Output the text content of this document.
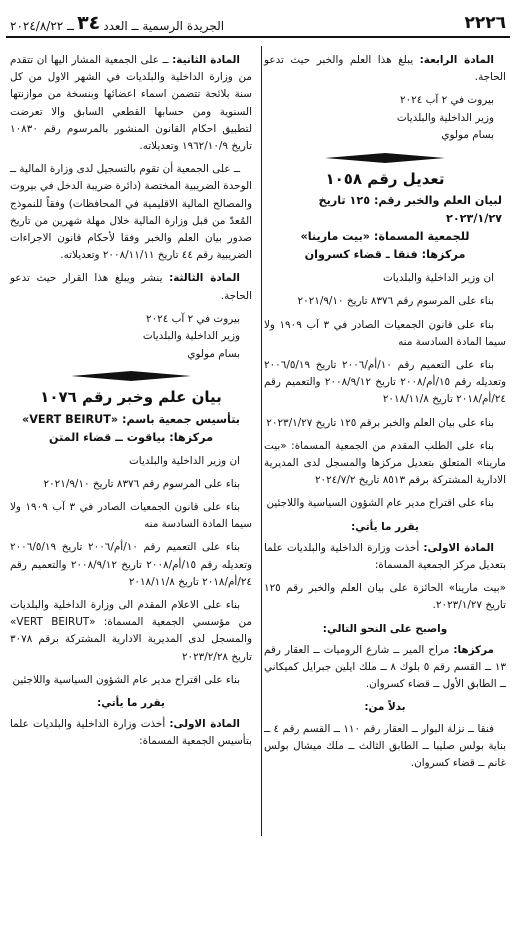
٢٢٢٦
الجريدة الرسمية ــ العدد
٣٤
ــ ٢٠٢٤/٨/٢٢
المادة الرابعة: يبلغ هذا العلم والخبر حيث تدعو الحاجة.
بيروت في ٢ آب ٢٠٢٤
وزير الداخلية والبلديات
بسام مولوي
تعديل رقم ١٠٥٨
لبيان العلم والخبر رقم: ١٢٥ تاريخ ٢٠٢٣/١/٢٧
للجمعية المسماة: «بيت مارينا»
مركزها: فنقا ـ قضاء كسروان
ان وزير الداخلية والبلديات
بناء على المرسوم رقم ٨٣٧٦ تاريخ ٢٠٢١/٩/١٠
بناء على قانون الجمعيات الصادر في ٣ آب ١٩٠٩ ولا سيما المادة السادسة منه
بناء على التعميم رقم ١٠/أم/٢٠٠٦ تاريخ ٢٠٠٦/٥/١٩ وتعديله رقم ١٥/أم/٢٠٠٨ تاريخ ٢٠٠٨/٩/١٢ والتعميم رقم ٢٤/أم/٢٠١٨ تاريخ ٢٠١٨/١١/٨
بناء على بيان العلم والخبر برقم ١٢٥ تاريخ ٢٠٢٣/١/٢٧
بناء على الطلب المقدم من الجمعية المسماة: «بيت مارينا» المتعلق بتعديل مركزها والمسجل لدى المديرية الادارية المشتركة برقم ٨٥١٣ تاريخ ٢٠٢٤/٧/٢
بناء على اقتراح مدير عام الشؤون السياسية واللاجئين
يقرر ما يأتي:
المادة الاولى: أخذت وزارة الداخلية والبلديات علما بتعديل مركز الجمعية المسماة:
«بيت مارينا» الحائزة على بيان العلم والخبر رقم ١٢٥ تاريخ ٢٠٢٣/١/٢٧.
واصبح على النحو التالي:
مركزها: مراح المير ــ شارع الروميات ــ العقار رقم ١٣ ــ القسم رقم ٥ بلوك ٨ ــ ملك ايلين جبرايل كميكاني ــ الطابق الأول ــ قضاء كسروان.
بدلاً من:
فنقا ــ نزلة البوار ــ العقار رقم ١١٠ ــ القسم رقم ٤ ــ بناية بولس صليبا ــ الطابق الثالث ــ ملك ميشال بولس غانم ــ قضاء كسروان.
المادة الثانية: ــ على الجمعية المشار اليها ان تتقدم من وزارة الداخلية والبلديات في الشهر الاول من كل سنة بلائحة تتضمن اسماء اعضائها وبنسخة من موازنتها السنوية ومن حسابها القطعي السابق والا تعرضت لتطبيق احكام القانون المنشور بالمرسوم رقم ١٠٨٣٠ تاريخ ١٩٦٢/١٠/٩ وتعديلاته.
ــ على الجمعية أن تقوم بالتسجيل لدى وزارة المالية ــ الوحدة الضريبية المختصة (دائرة ضريبة الدخل في بيروت والمصالح المالية الاقليمية في المحافظات) وفقاً للنموذج المُعدّ من قبل وزارة المالية خلال مهلة شهرين من تاريخ صدور بيان العلم والخبر وفقا لأحكام قانون الاجراءات الضريبية رقم ٤٤ تاريخ ٢٠٠٨/١١/١١ وتعديلاته.
المادة الثالثة: ينشر ويبلغ هذا القرار حيث تدعو الحاجة.
بيروت في ٢ آب ٢٠٢٤
وزير الداخلية والبلديات
بسام مولوي
بيان علم وخبر رقم ١٠٧٦
بتأسيس جمعية باسم: «VERT BEIRUT»
مركزها: بياقوت ــ قضاء المتن
ان وزير الداخلية والبلديات
بناء على المرسوم رقم ٨٣٧٦ تاريخ ٢٠٢١/٩/١٠
بناء على قانون الجمعيات الصادر في ٣ آب ١٩٠٩ ولا سيما المادة السادسة منه
بناء على التعميم رقم ١٠/أم/٢٠٠٦ تاريخ ٢٠٠٦/٥/١٩ وتعديله رقم ١٥/أم/٢٠٠٨ تاريخ ٢٠٠٨/٩/١٢ والتعميم رقم ٢٤/أم/٢٠١٨ تاريخ ٢٠١٨/١١/٨
بناء على الاعلام المقدم الى وزارة الداخلية والبلديات من مؤسسي الجمعية المسماة: «VERT BEIRUT» والمسجل لدى المديرية الادارية المشتركة برقم ٣٠٧٨ تاريخ ٢٠٢٣/٢/٢٨
بناء على اقتراح مدير عام الشؤون السياسية واللاجئين
يقرر ما يأتي:
المادة الاولى: أخذت وزارة الداخلية والبلديات علما بتأسيس الجمعية المسماة:
